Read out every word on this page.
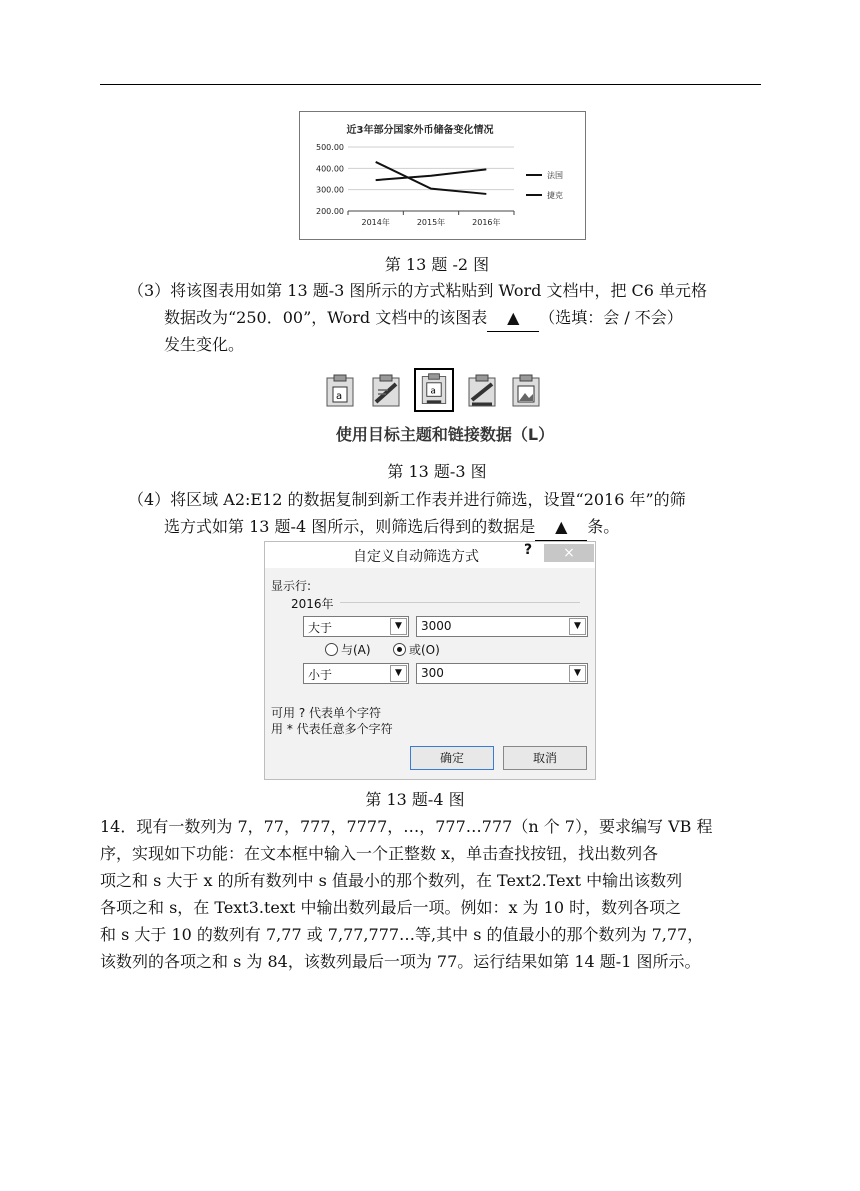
近3年部分国家外币储备变化情况
500.00
400.00
300.00
200.00
2014年	2015年	2016年
法国
捷克
第 13 题 -2 图
（3）将该图表用如第 13 题-3 图所示的方式粘贴到 Word 文档中，把 C6 单元格
数据改为“250．00”，Word 文档中的该图表 ▲ （选填：会 / 不会）
发生变化。
a	a
使用目标主题和链接数据（L）
第 13 题-3 图
（4）将区域 A2:E12 的数据复制到新工作表并进行筛选，设置“2016 年”的筛
选方式如第 13 题-4 图所示，则筛选后得到的数据是 ▲ 条。
自定义自动筛选方式	?	×
显示行:
2016年
大于	▼	3000	▼
与(A)	或(O)
小于	▼	300	▼
可用 ? 代表单个字符
用 * 代表任意多个字符
确定	取消
第 13 题-4 图
14．现有一数列为 7，77，777，7777，…，777…777（n 个 7），要求编写 VB 程
序，实现如下功能：在文本框中输入一个正整数 x，单击查找按钮，找出数列各
项之和 s 大于 x 的所有数列中 s 值最小的那个数列，在 Text2.Text 中输出该数列
各项之和 s，在 Text3.text 中输出数列最后一项。例如：x 为 10 时，数列各项之
和 s 大于 10 的数列有 7,77 或 7,77,777…等,其中 s 的值最小的那个数列为 7,77，
该数列的各项之和 s 为 84，该数列最后一项为 77。运行结果如第 14 题-1 图所示。
